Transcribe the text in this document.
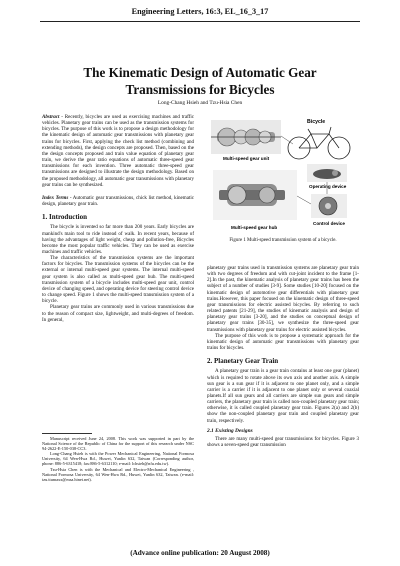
Engineering Letters, 16:3, EL_16_3_17
The Kinematic Design of Automatic Gear
Transmissions for Bicycles
Long-Chang Hsieh and Tzu-Hsia Chen

Abstract - Recently, bicycles are used as exercising machines and traffic vehicles. Planetary gear trains can be used as the transmission systems for bicycles. The purpose of this work is to propose a design methodology for the kinematic design of automatic gear transmissions with planetary gear trains for bicycles. First, applying the check list method (combining and extending methods), the design concepts are proposed. Then, based on the the design concepts proposed and train value equation of planetary gear train, we derive the gear ratio equations of automatic three-speed gear transmissions for each invention. Three automatic three-speed gear transmissions are designed to illustrate the design methodology. Based on the proposed methodology, all automatic gear transmissions with planetary gear trains can be synthesized.

Index Terms - Automatic gear transmissions, chick list method, kinematic design, planetary gear train.

1. Introduction

The bicycle is invented so far more than 200 years. Early bicycles are mankind's main tool to ride instead of walk. In recent years, because of having the advantages of light weight, cheap and pollution-free, Bicycles become the most popular traffic vehicles. They can be used as exercise machines and traffic vehicles.

The characteristics of the transmission systems are the important factors for bicycles. The transmission systems of the bicycles can be the external or internal multi-speed gear systems. The internal multi-speed gear system is also called as multi-speed gear hub. The multi-speed transmission system of a bicycle includes multi-speed gear unit, control device of changing speed, and operating device for steering control device to change speed. Figure 1 shows the multi-speed transmission system of a bicycle.

Planetary gear trains are commonly used in various transmissions due to the reason of compact size, lightweight, and multi-degrees of freedom. In general,

Manuscript received June 24, 2008. This work was supported in part by the National Science of the Republic of China for the support of this research under NSC 94-2622-E-150-038-CC3.

Long-Chang Hsieh is with the Power Mechanical Engineering, National Formosa University, 64 Wen-Hwa Rd., Huwei, Yunlin 632, Taiwan (Corresponding author, phone: 886-5-6315418; fax:886-5-6312110; e-mail: lchsieh@nfu.edu.tw).

Tzu-Hsia Chen is with the Mechanical and Electro-Mechanical Engineering , National Formosa University, 64 Wen-Hwa Rd., Huwei, Yunlin 632, Taiwan. (e-mail: tzu.ttumaxx@msa.hinet.net).

Multi-speed gear unit
Bicycle
Multi-speed gear hub
Operating device
Control device
Figure 1 Multi-speed transmission system of a bicycle.

planetary gear trains used in transmission systems are planetary gear train with two degrees of freedom and with cut-joint incident to the frame [1-2].In the past, the kinematic analysis of planetary gear trains has been the subject of a number of studies [3-9]. Some studies [10-20] focused on the kinematic design of automotive gear differentials with planetary gear trains.However, this paper focused on the kinematic design of three-speed gear transmissions for electric assisted bicycles. By referring to such related patents [21-29], the studies of kinematic analysis and design of planetary gear trains [3-20], and the studies on conceptual design of planetary gear trains [30-35], we synthesize the three-speed gear transmissions with planetary gear trains for electric assisted bicycles.

The purpose of this work is to propose a systematic approach for the kinematic design of automatic gear transmissions with planetary gear trains for bicycles.

2. Planetary Gear Train

A planetary gear train is a gear train contains at least one gear (planet) which is required to rotate above its own axis and another axis. A simple sun gear is a sun gear if it is adjacent to one planet only, and a simple carrier is a carrier if it is adjacent to one planet only or several coaxial planets.If all sun gears and all carriers are simple sun gears and simple carriers, the planetary gear train is called non-coupled planetary gear train; otherwise, it is called coupled planetary gear train. Figures 2(a) and 2(b) show the non-coupled planetary gear train and coupled planetary gear train, respectively.

2.1 Existing Designs

There are many multi-speed gear transmissions for bicycles. Figure 3 shows a seven-speed gear transmission

(Advance online publication: 20 August 2008)
